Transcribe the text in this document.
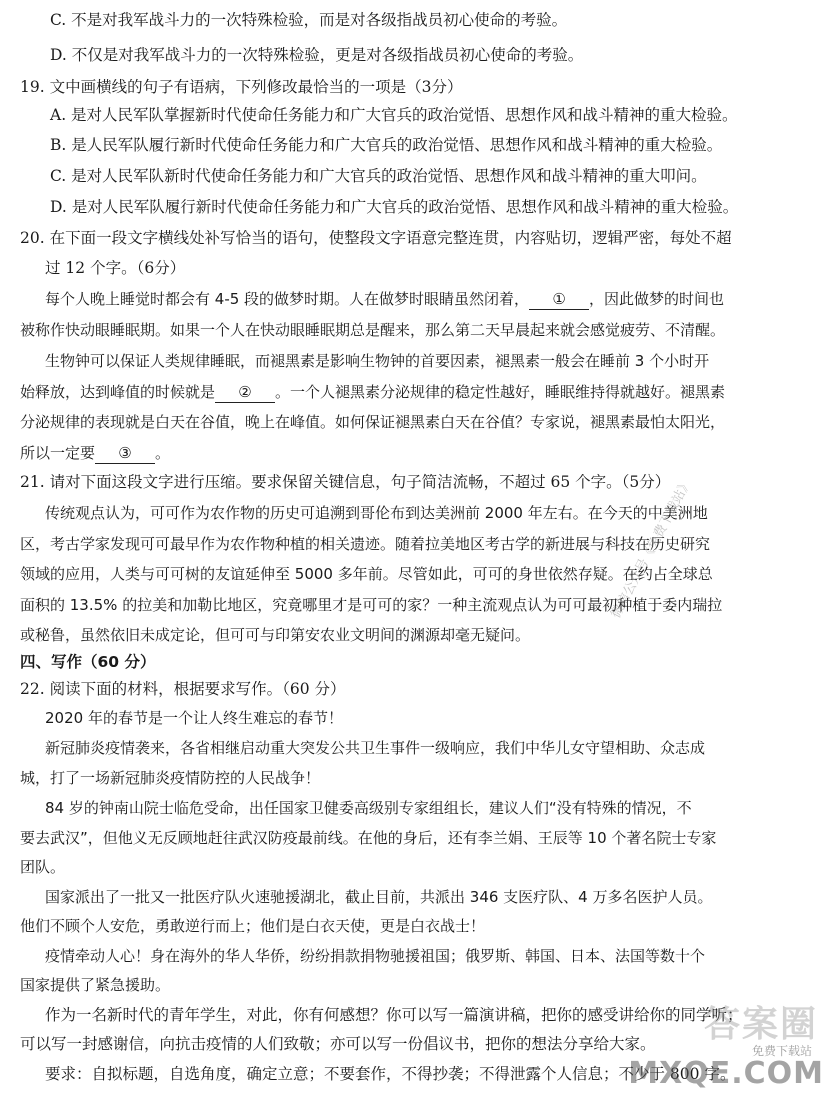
C. 不是对我军战斗力的一次特殊检验，而是对各级指战员初心使命的考验。
D. 不仅是对我军战斗力的一次特殊检验，更是对各级指战员初心使命的考验。
19. 文中画横线的句子有语病，下列修改最恰当的一项是（3分）
A. 是对人民军队掌握新时代使命任务能力和广大官兵的政治觉悟、思想作风和战斗精神的重大检验。
B. 是人民军队履行新时代使命任务能力和广大官兵的政治觉悟、思想作风和战斗精神的重大检验。
C. 是对人民军队新时代使命任务能力和广大官兵的政治觉悟、思想作风和战斗精神的重大叩问。
D. 是对人民军队履行新时代使命任务能力和广大官兵的政治觉悟、思想作风和战斗精神的重大检验。
20. 在下面一段文字横线处补写恰当的语句，使整段文字语意完整连贯，内容贴切，逻辑严密，每处不超
过 12 个字。（6分）
每个人晚上睡觉时都会有 4-5 段的做梦时期。人在做梦时眼睛虽然闭着， ① ，因此做梦的时间也
被称作快动眼睡眠期。如果一个人在快动眼睡眠期总是醒来，那么第二天早晨起来就会感觉疲劳、不清醒。
生物钟可以保证人类规律睡眠，而褪黑素是影响生物钟的首要因素，褪黑素一般会在睡前 3 个小时开
始释放，达到峰值的时候就是 ② 。一个人褪黑素分泌规律的稳定性越好，睡眠维持得就越好。褪黑素
分泌规律的表现就是白天在谷值，晚上在峰值。如何保证褪黑素白天在谷值？专家说，褪黑素最怕太阳光，
所以一定要 ③ 。
21. 请对下面这段文字进行压缩。要求保留关键信息，句子简洁流畅，不超过 65 个字。（5分）
传统观点认为，可可作为农作物的历史可追溯到哥伦布到达美洲前 2000 年左右。在今天的中美洲地
区，考古学家发现可可最早作为农作物种植的相关遗迹。随着拉美地区考古学的新进展与科技在历史研究
领域的应用，人类与可可树的友谊延伸至 5000 多年前。尽管如此，可可的身世依然存疑。在约占全球总
面积的 13.5% 的拉美和加勒比地区，究竟哪里才是可可的家？一种主流观点认为可可最初种植于委内瑞拉
或秘鲁，虽然依旧未成定论，但可可与印第安农业文明间的渊源却毫无疑问。
四、写作（60 分）
22. 阅读下面的材料，根据要求写作。（60 分）
2020 年的春节是一个让人终生难忘的春节！
新冠肺炎疫情袭来，各省相继启动重大突发公共卫生事件一级响应，我们中华儿女守望相助、众志成
城，打了一场新冠肺炎疫情防控的人民战争！
84 岁的钟南山院士临危受命，出任国家卫健委高级别专家组组长，建议人们“没有特殊的情况，不
要去武汉”，但他义无反顾地赶往武汉防疫最前线。在他的身后，还有李兰娟、王辰等 10 个著名院士专家
团队。
国家派出了一批又一批医疗队火速驰援湖北，截止目前，共派出 346 支医疗队、4 万多名医护人员。
他们不顾个人安危，勇敢逆行而上；他们是白衣天使，更是白衣战士！
疫情牵动人心！身在海外的华人华侨，纷纷捐款捐物驰援祖国；俄罗斯、韩国、日本、法国等数十个
国家提供了紧急援助。
作为一名新时代的青年学生，对此，你有何感想？你可以写一篇演讲稿，把你的感受讲给你的同学听；
可以写一封感谢信，向抗击疫情的人们致敬；亦可以写一份倡议书，把你的想法分享给大家。
要求：自拟标题，自选角度，确定立意；不要套作，不得抄袭；不得泄露个人信息；不少于 800 字。
微信公众号《免费下载站》
答案圈
免费下载站
MXQE.COM
